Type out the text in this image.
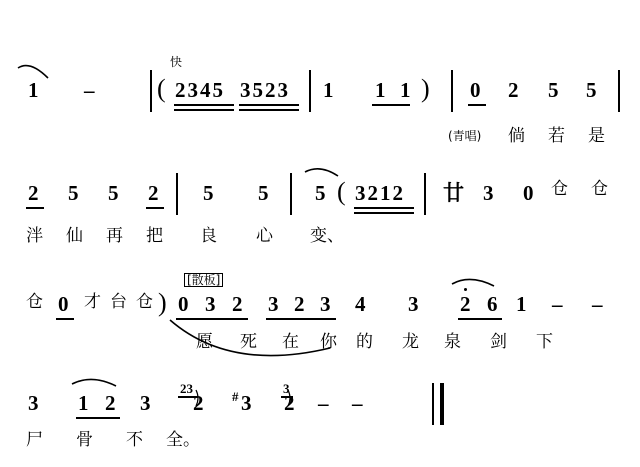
1 –
快
( 2345 3523 1 1 1 ) 0 2 5 5
(青唱) 倘 若 是
2 5 5 2 5 5 5 ( 3212 廿 3 0 仓 仓
泮 仙 再 把 良 心 变、
[散板]
仓 0 才 台 仓 ) 0 3 2 3 2 3 4 3 2 6 1 – –
愿 死 在 你 的 龙 泉 剑 下
3 1 2 3
23
2 # 3
3
2 – –
尸 骨 不 全。
